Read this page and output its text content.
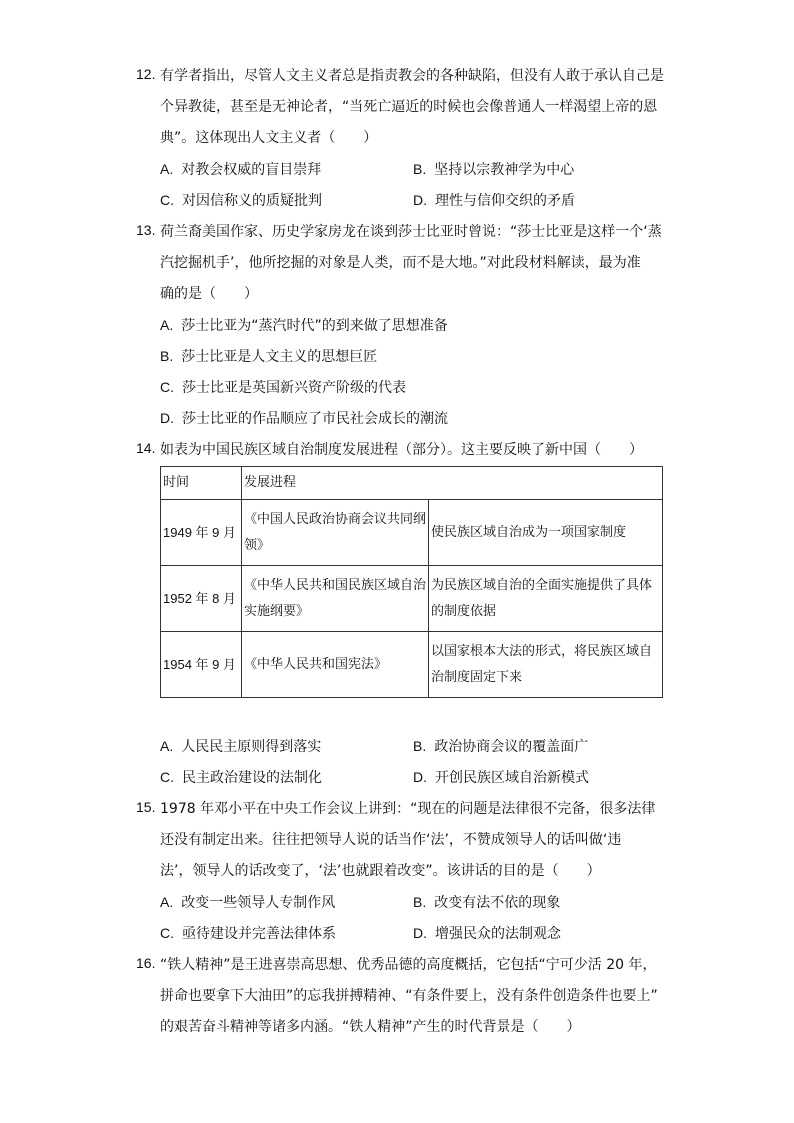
12. 有学者指出，尽管人文主义者总是指责教会的各种缺陷，但没有人敢于承认自己是
个异教徒，甚至是无神论者，“当死亡逼近的时候也会像普通人一样渴望上帝的恩
典”。这体现出人文主义者（　　）
A. 对教会权威的盲目崇拜	B. 坚持以宗教神学为中心
C. 对因信称义的质疑批判	D. 理性与信仰交织的矛盾
13. 荷兰裔美国作家、历史学家房龙在谈到莎士比亚时曾说：“莎士比亚是这样一个‘蒸
汽挖掘机手’，他所挖掘的对象是人类，而不是大地。”对此段材料解读，最为准
确的是（　　）
A. 莎士比亚为“蒸汽时代”的到来做了思想准备
B. 莎士比亚是人文主义的思想巨匠
C. 莎士比亚是英国新兴资产阶级的代表
D. 莎士比亚的作品顺应了市民社会成长的潮流
14. 如表为中国民族区域自治制度发展进程（部分）。这主要反映了新中国（　　）
时间	发展进程	
1949 年 9 月	《中国人民政治协商会议共同纲领》	使民族区域自治成为一项国家制度
1952 年 8 月	《中华人民共和国民族区域自治实施纲要》	为民族区域自治的全面实施提供了具体的制度依据
1954 年 9 月	《中华人民共和国宪法》	以国家根本大法的形式，将民族区域自治制度固定下来
A. 人民民主原则得到落实	B. 政治协商会议的覆盖面广
C. 民主政治建设的法制化	D. 开创民族区域自治新模式
15. 1978 年邓小平在中央工作会议上讲到：“现在的问题是法律很不完备，很多法律
还没有制定出来。往往把领导人说的话当作‘法’，不赞成领导人的话叫做‘违
法’，领导人的话改变了，‘法’也就跟着改变”。该讲话的目的是（　　）
A. 改变一些领导人专制作风	B. 改变有法不依的现象
C. 亟待建设并完善法律体系	D. 增强民众的法制观念
16. “铁人精神”是王进喜崇高思想、优秀品德的高度概括，它包括“宁可少活 20 年，
拼命也要拿下大油田”的忘我拼搏精神、“有条件要上，没有条件创造条件也要上”
的艰苦奋斗精神等诸多内涵。“铁人精神”产生的时代背景是（　　）
